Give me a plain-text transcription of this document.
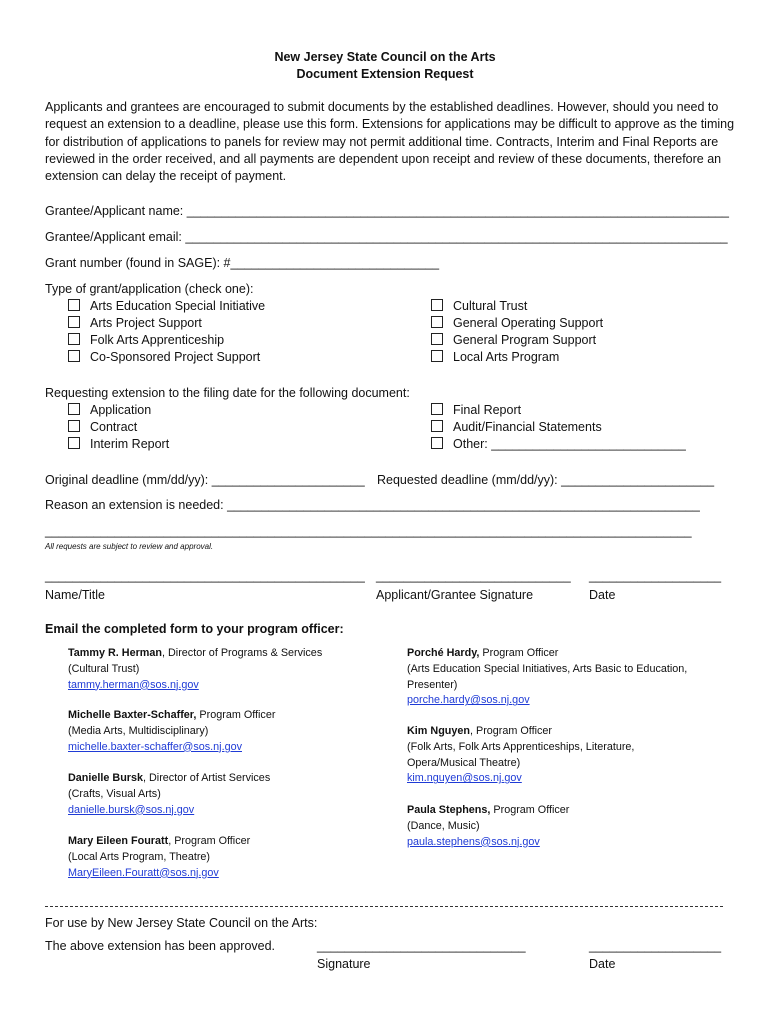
New Jersey State Council on the Arts
Document Extension Request
Applicants and grantees are encouraged to submit documents by the established deadlines. However, should you need to request an extension to a deadline, please use this form. Extensions for applications may be difficult to approve as the timing for distribution of applications to panels for review may not permit additional time. Contracts, Interim and Final Reports are reviewed in the order received, and all payments are dependent upon receipt and review of these documents, therefore an extension can delay the receipt of payment.
Grantee/Applicant name: ______________________________________________________________________________
Grantee/Applicant email: ______________________________________________________________________________
Grant number (found in SAGE): #______________________________
Type of grant/application (check one):
Arts Education Special Initiative
Arts Project Support
Folk Arts Apprenticeship
Co-Sponsored Project Support
Cultural Trust
General Operating Support
General Program Support
Local Arts Program
Requesting extension to the filing date for the following document:
Application
Contract
Interim Report
Final Report
Audit/Financial Statements
Other: ____________________________
Original deadline (mm/dd/yy): ______________________ Requested deadline (mm/dd/yy): ______________________
Reason an extension is needed: ____________________________________________________________________
_____________________________________________________________________________________________
All requests are subject to review and approval.
______________________________________________ ____________________________ ___________________
Name/Title	Applicant/Grantee Signature	Date
Email the completed form to your program officer:
Tammy R. Herman, Director of Programs & Services
(Cultural Trust)
tammy.herman@sos.nj.gov
Michelle Baxter-Schaffer, Program Officer
(Media Arts, Multidisciplinary)
michelle.baxter-schaffer@sos.nj.gov
Danielle Bursk, Director of Artist Services
(Crafts, Visual Arts)
danielle.bursk@sos.nj.gov
Mary Eileen Fouratt, Program Officer
(Local Arts Program, Theatre)
MaryEileen.Fouratt@sos.nj.gov
Porché Hardy, Program Officer
(Arts Education Special Initiatives, Arts Basic to Education,
Presenter)
porche.hardy@sos.nj.gov
Kim Nguyen, Program Officer
(Folk Arts, Folk Arts Apprenticeships, Literature,
Opera/Musical Theatre)
kim.nguyen@sos.nj.gov
Paula Stephens, Program Officer
(Dance, Music)
paula.stephens@sos.nj.gov
For use by New Jersey State Council on the Arts:
The above extension has been approved.	______________________________	___________________
Signature	Date
